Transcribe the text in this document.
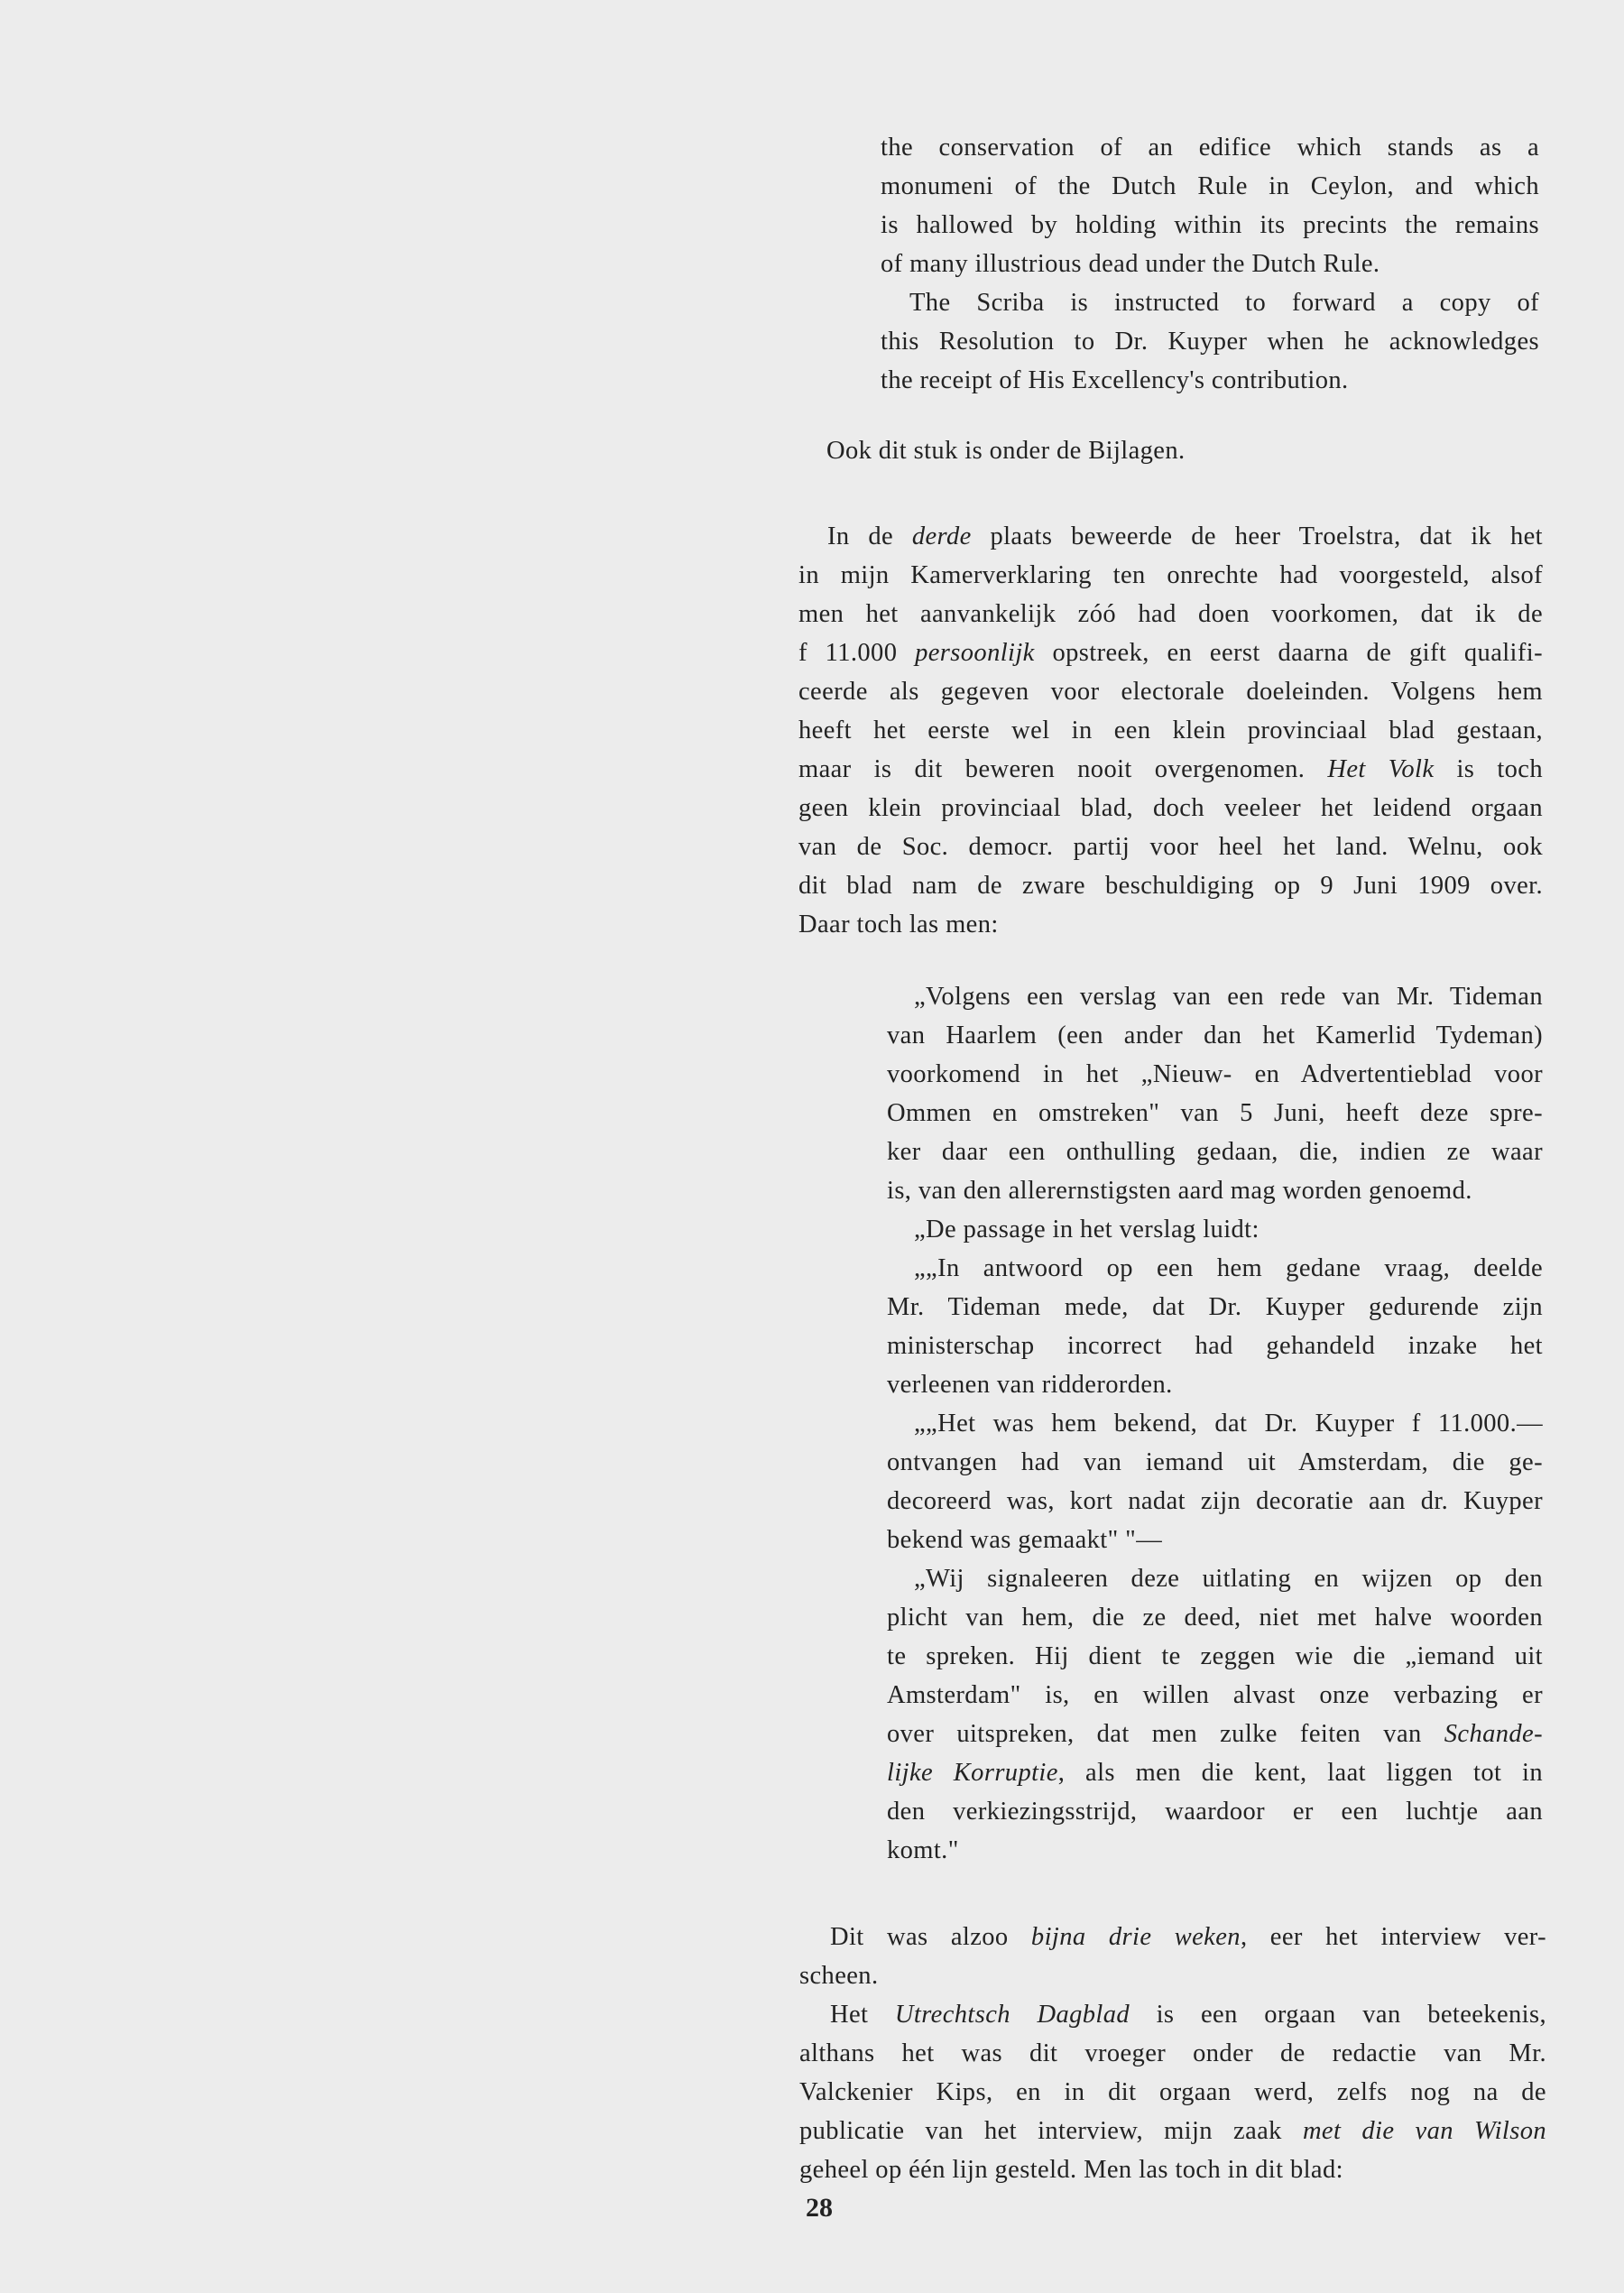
the conservation of an edifice which stands as a
monumeni of the Dutch Rule in Ceylon, and which
is hallowed by holding within its precints the remains
of many illustrious dead under the Dutch Rule.
The Scriba is instructed to forward a copy of
this Resolution to Dr. Kuyper when he acknowledges
the receipt of His Excellency's contribution.
Ook dit stuk is onder de Bijlagen.
In de derde plaats beweerde de heer Troelstra, dat ik het
in mijn Kamerverklaring ten onrechte had voorgesteld, alsof
men het aanvankelijk zóó had doen voorkomen, dat ik de
f 11.000 persoonlijk opstreek, en eerst daarna de gift qualifi-
ceerde als gegeven voor electorale doeleinden. Volgens hem
heeft het eerste wel in een klein provinciaal blad gestaan,
maar is dit beweren nooit overgenomen. Het Volk is toch
geen klein provinciaal blad, doch veeleer het leidend orgaan
van de Soc. democr. partij voor heel het land. Welnu, ook
dit blad nam de zware beschuldiging op 9 Juni 1909 over.
Daar toch las men:
„Volgens een verslag van een rede van Mr. Tideman
van Haarlem (een ander dan het Kamerlid Tydeman)
voorkomend in het „Nieuw- en Advertentieblad voor
Ommen en omstreken" van 5 Juni, heeft deze spre-
ker daar een onthulling gedaan, die, indien ze waar
is, van den allerernstigsten aard mag worden genoemd.
„De passage in het verslag luidt:
„„In antwoord op een hem gedane vraag, deelde
Mr. Tideman mede, dat Dr. Kuyper gedurende zijn
ministerschap incorrect had gehandeld inzake het
verleenen van ridderorden.
„„Het was hem bekend, dat Dr. Kuyper f 11.000.—
ontvangen had van iemand uit Amsterdam, die ge-
decoreerd was, kort nadat zijn decoratie aan dr. Kuyper
bekend was gemaakt" "—
„Wij signaleeren deze uitlating en wijzen op den
plicht van hem, die ze deed, niet met halve woorden
te spreken. Hij dient te zeggen wie die „iemand uit
Amsterdam" is, en willen alvast onze verbazing er
over uitspreken, dat men zulke feiten van Schande-
lijke Korruptie, als men die kent, laat liggen tot in
den verkiezingsstrijd, waardoor er een luchtje aan
komt."
Dit was alzoo bijna drie weken, eer het interview ver-
scheen.
Het Utrechtsch Dagblad is een orgaan van beteekenis,
althans het was dit vroeger onder de redactie van Mr.
Valckenier Kips, en in dit orgaan werd, zelfs nog na de
publicatie van het interview, mijn zaak met die van Wilson
geheel op één lijn gesteld. Men las toch in dit blad:
28
